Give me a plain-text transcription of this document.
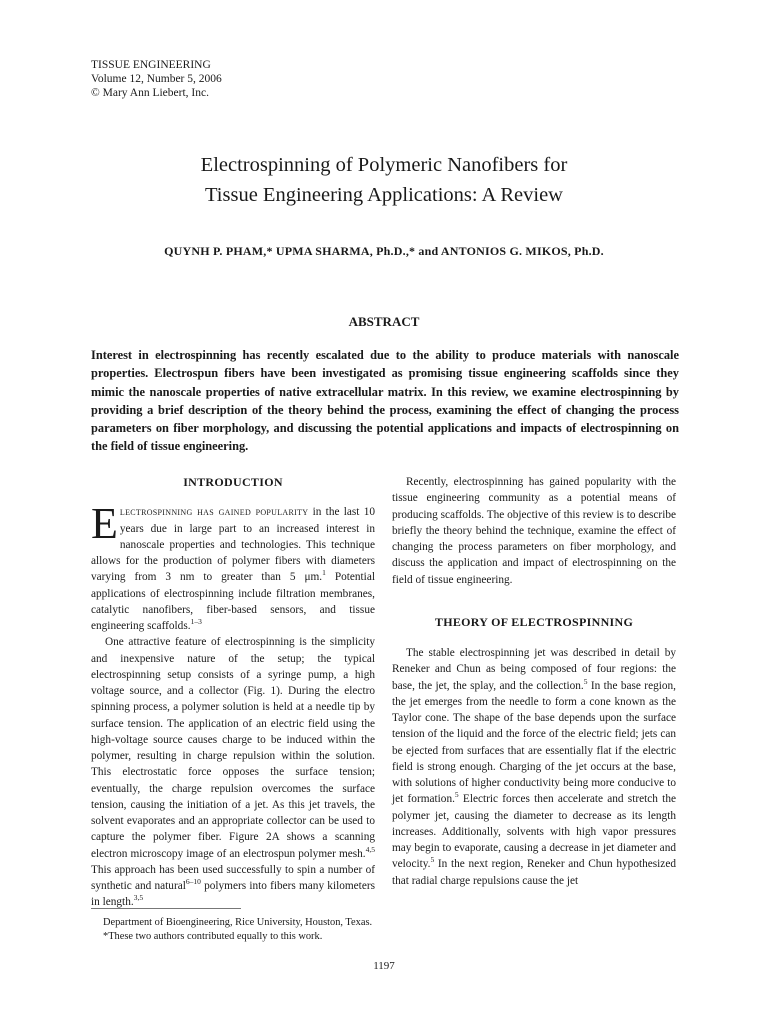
TISSUE ENGINEERING
Volume 12, Number 5, 2006
© Mary Ann Liebert, Inc.
Electrospinning of Polymeric Nanofibers for
Tissue Engineering Applications: A Review
QUYNH P. PHAM,* UPMA SHARMA, Ph.D.,* and ANTONIOS G. MIKOS, Ph.D.
ABSTRACT
Interest in electrospinning has recently escalated due to the ability to produce materials with nanoscale properties. Electrospun fibers have been investigated as promising tissue engineering scaffolds since they mimic the nanoscale properties of native extracellular matrix. In this review, we examine electrospinning by providing a brief description of the theory behind the process, examining the effect of changing the process parameters on fiber morphology, and discussing the potential applications and impacts of electrospinning on the field of tissue engineering.
INTRODUCTION

Electrospinning has gained popularity in the last 10 years due in large part to an increased interest in nanoscale properties and technologies. This technique allows for the production of polymer fibers with diameters varying from 3 nm to greater than 5 μm.$^1$ Potential applications of electrospinning include filtration membranes, catalytic nanofibers, fiber-based sensors, and tissue engineering scaffolds.$^{1-3}$

One attractive feature of electrospinning is the simplicity and inexpensive nature of the setup; the typical electrospinning setup consists of a syringe pump, a high voltage source, and a collector (Fig. 1). During the electro spinning process, a polymer solution is held at a needle tip by surface tension. The application of an electric field using the high-voltage source causes charge to be induced within the polymer, resulting in charge repulsion within the solution. This electrostatic force opposes the surface tension; eventually, the charge repulsion overcomes the surface tension, causing the initiation of a jet. As this jet travels, the solvent evaporates and an appropriate collector can be used to capture the polymer fiber. Figure 2A shows a scanning electron microscopy image of an electrospun polymer mesh.$^{4,5}$ This approach has been used successfully to spin a number of synthetic and natural$^{6-10}$ polymers into fibers many kilometers in length.$^{3,5}$

Recently, electrospinning has gained popularity with the tissue engineering community as a potential means of producing scaffolds. The objective of this review is to describe briefly the theory behind the technique, examine the effect of changing the process parameters on fiber morphology, and discuss the application and impact of electrospinning on the field of tissue engineering.

THEORY OF ELECTROSPINNING

The stable electrospinning jet was described in detail by Reneker and Chun as being composed of four regions: the base, the jet, the splay, and the collection.$^5$ In the base region, the jet emerges from the needle to form a cone known as the Taylor cone. The shape of the base depends upon the surface tension of the liquid and the force of the electric field; jets can be ejected from surfaces that are essentially flat if the electric field is strong enough. Charging of the jet occurs at the base, with solutions of higher conductivity being more conducive to jet formation.$^5$ Electric forces then accelerate and stretch the polymer jet, causing the diameter to decrease as its length increases. Additionally, solvents with high vapor pressures may begin to evaporate, causing a decrease in jet diameter and velocity.$^5$ In the next region, Reneker and Chun hypothesized that radial charge repulsions cause the jet

Department of Bioengineering, Rice University, Houston, Texas.
*These two authors contributed equally to this work.
1197
